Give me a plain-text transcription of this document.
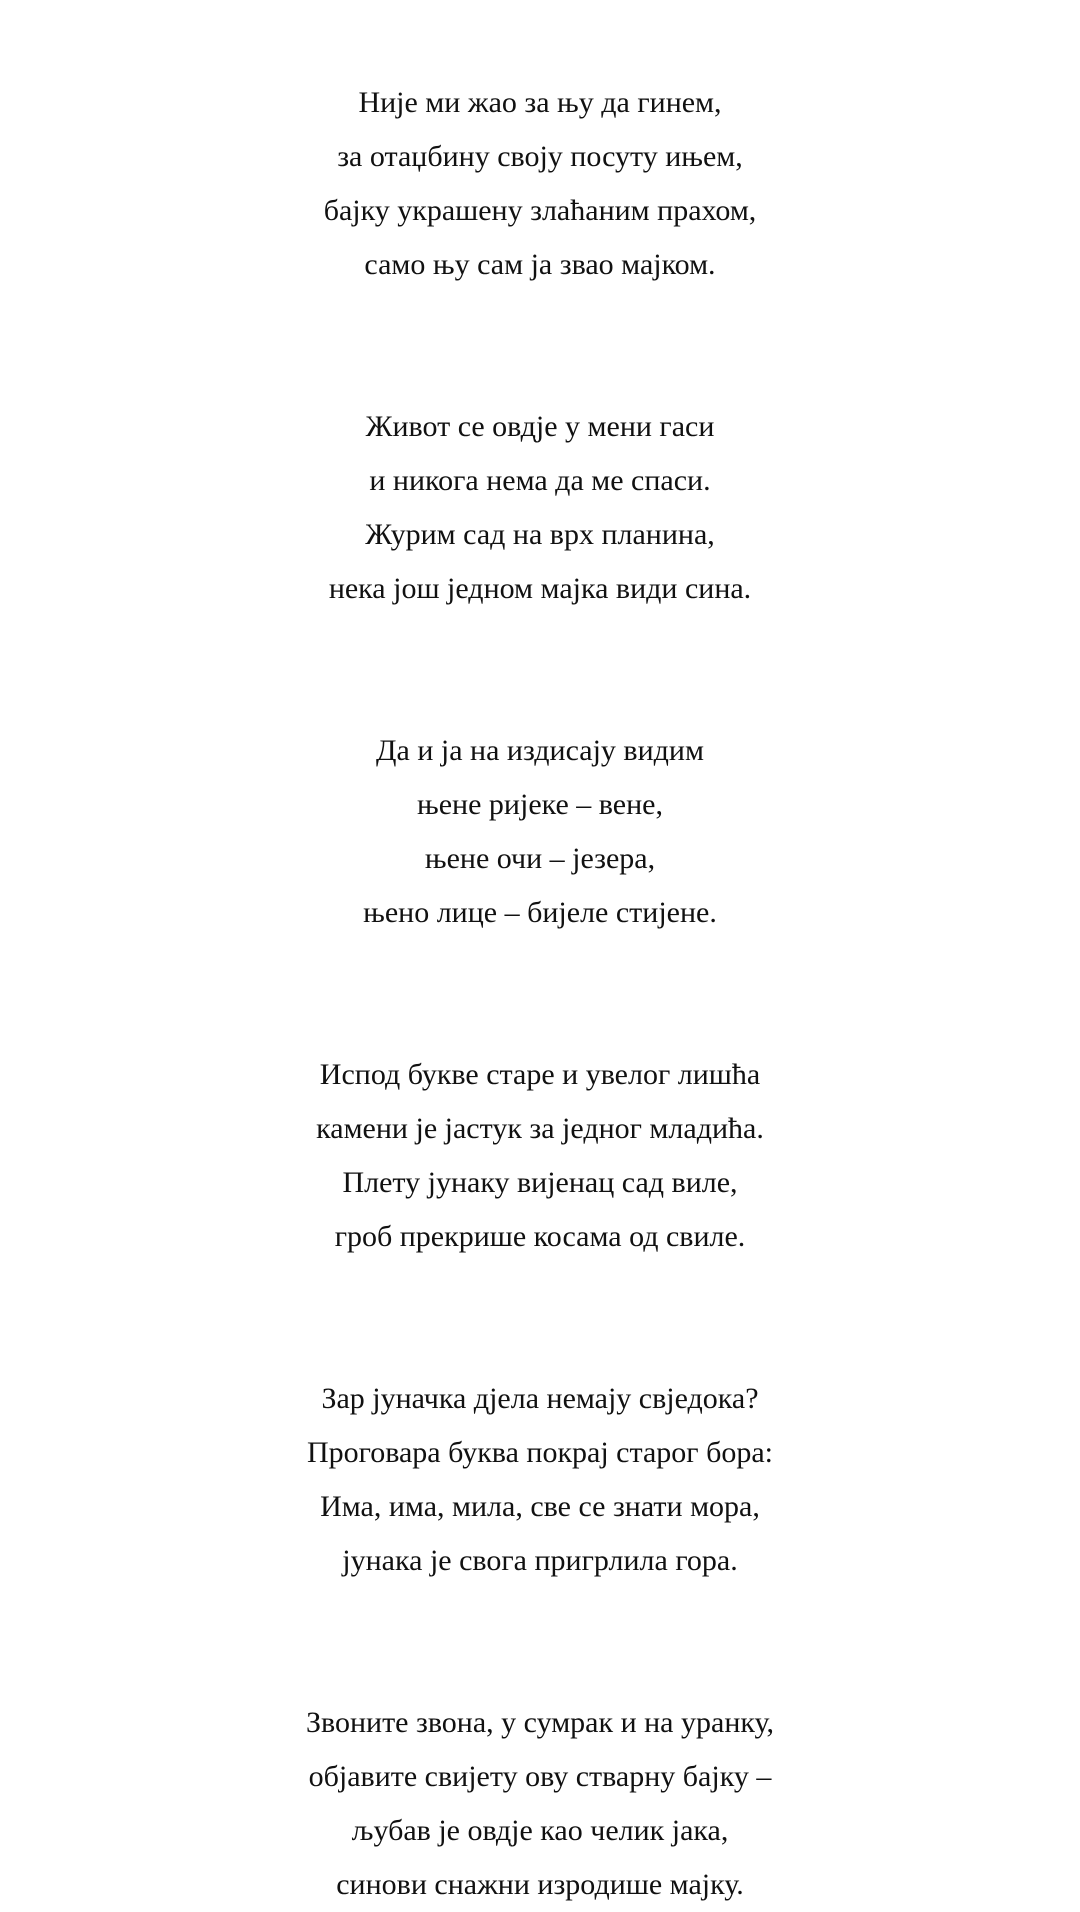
Није ми жао за њу да гинем,
за отаџбину своју посуту ињем,
бајку украшену злаћаним прахом,
само њу сам ја звао мајком.
Живот се овдје у мени гаси
и никога нема да ме спаси.
Журим сад на врх планина,
нека још једном мајка види сина.
Да и ја на издисају видим
њене ријеке – вене,
њене очи – језера,
њено лице – бијеле стијене.
Испод букве старе и увелог лишћа
камени је јастук за једног младића.
Плету јунаку вијенац сад виле,
гроб прекрише косама од свиле.
Зар јуначка дјела немају свједока?
Проговара буква покрај старог бора:
Има, има, мила, све се знати мора,
јунака је свога пригрлила гора.
Звоните звона, у сумрак и на уранку,
објавите свијету ову стварну бајку –
љубав је овдје као челик јака,
синови снажни изродише мајку.
